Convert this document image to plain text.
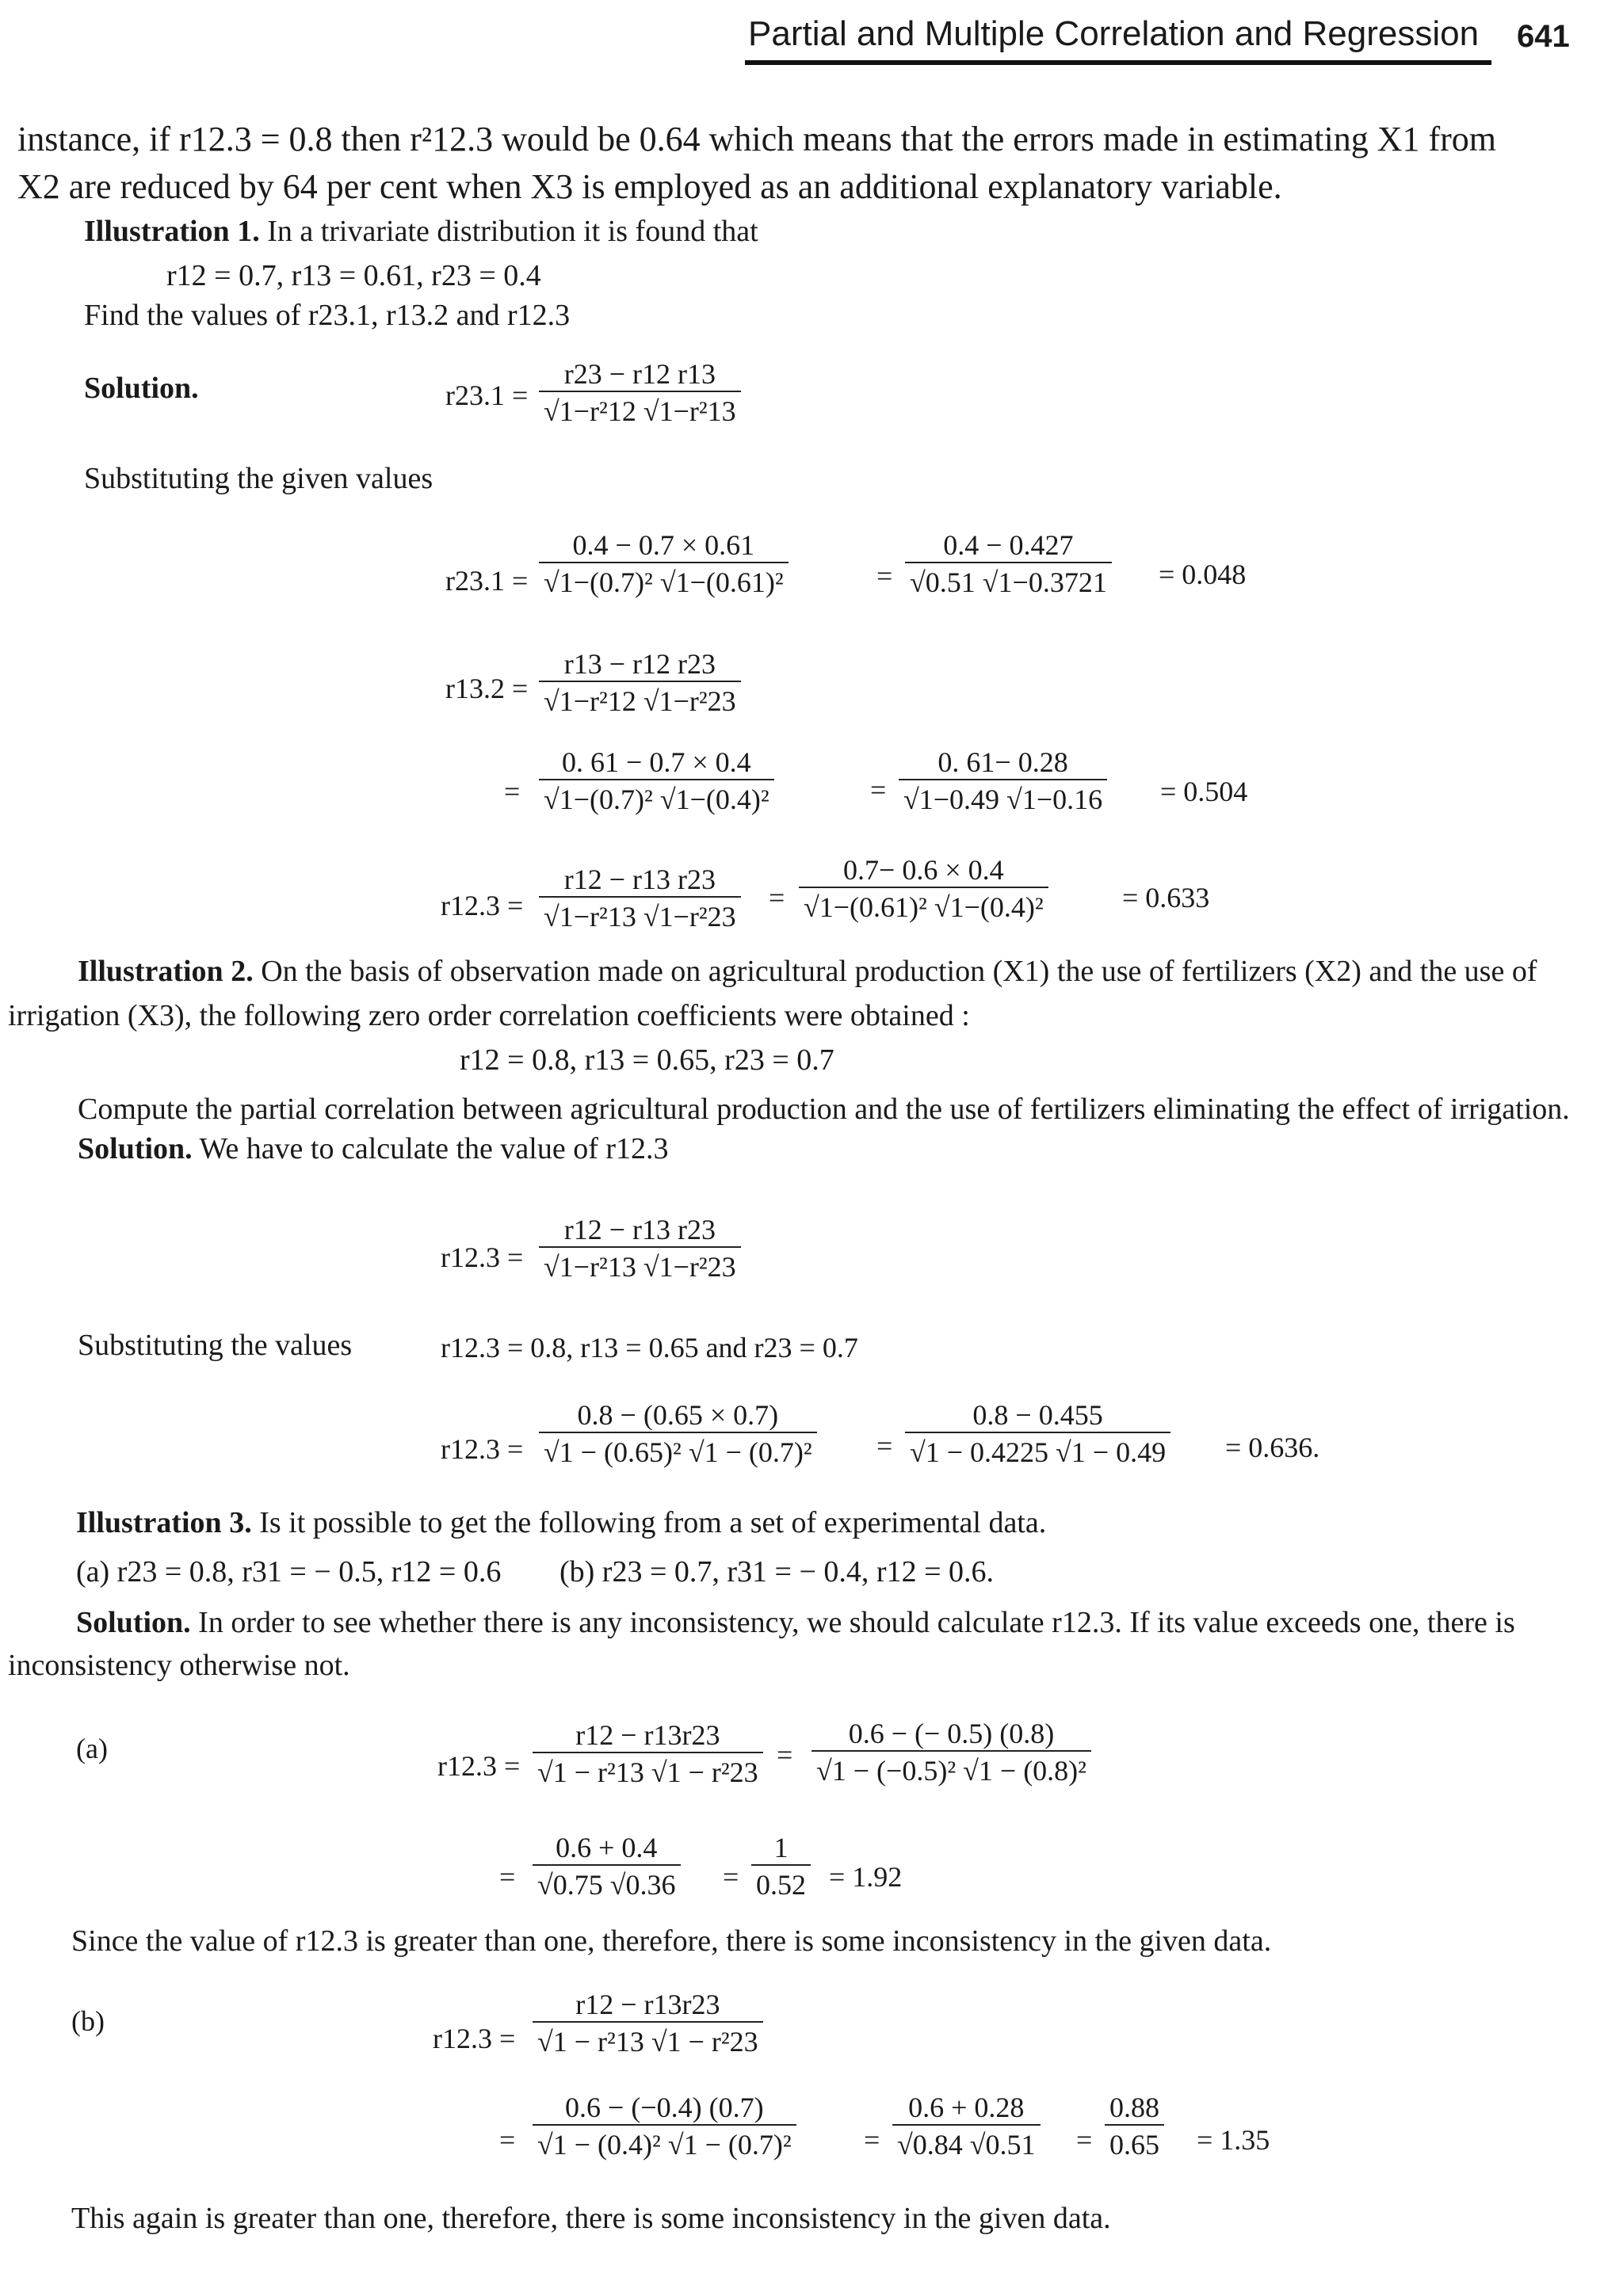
Partial and Multiple Correlation and Regression 641
instance, if r12.3 = 0.8 then r²12.3 would be 0.64 which means that the errors made in estimating X1 from
X2 are reduced by 64 per cent when X3 is employed as an additional explanatory variable.
Illustration 1. In a trivariate distribution it is found that
r12 = 0.7, r13 = 0.61, r23 = 0.4
Find the values of r23.1, r13.2 and r12.3
Solution.	$r23.1 = \frac{r23 - r12 r13}{\text{√1−r²12 √1−r²13}}$
Substituting the given values
$r23.1 = \frac{0.4 - 0.7 \times 0.61}{\text{√1−(0.7)² √1−(0.61)²}}$	= $\frac{0.4 - 0.427}{√0.51 √1-0.3721} = 0.048$
$r13.2 = \frac{r13 - r12 r23}{\text{√1−r²12 √1−r²23}}$
= $\frac{0. 61 - 0.7 \times 0.4}{\text{√1−(0.7)² √1−(0.4)²}}$	= $\frac{0. 61- 0.28}{√1-0.49 √1-0.16} = 0.504$
$r12.3 = \frac{r12 - r13 r23}{\text{√1−r²13 √1−r²23}} = \frac{0.7- 0.6 \times 0.4}{\text{√1−(0.61)² √1−(0.4)²}}$	= 0.633
Illustration 2. On the basis of observation made on agricultural production (X1) the use of fertilizers (X2) and the use of
irrigation (X3), the following zero order correlation coefficients were obtained :
r12 = 0.8, r13 = 0.65, r23 = 0.7
Compute the partial correlation between agricultural production and the use of fertilizers eliminating the effect of irrigation.
Solution. We have to calculate the value of r12.3
$r12.3 = \frac{r12 - r13 r23}{\text{√1−r²13 √1−r²23}}$
Substituting the values	r12.3 = 0.8, r13 = 0.65 and r23 = 0.7
$r12.3 = \frac{0.8 - (0.65 \times 0.7)}{\text{√1 − (0.65)² √1 − (0.7)²}} = \frac{0.8 - 0.455}{√1 - 0.4225 √1 - 0.49} = 0.636$.
Illustration 3. Is it possible to get the following from a set of experimental data.
(a) r23 = 0.8, r31 = − 0.5, r12 = 0.6 (b) r23 = 0.7, r31 = − 0.4, r12 = 0.6.
Solution. In order to see whether there is any inconsistency, we should calculate r12.3. If its value exceeds one, there is
inconsistency otherwise not.
(a)
$r12.3 = \frac{r12 - r13r23}{\text{√1 − r²13 √1 − r²23}} = \frac{0.6 - (- 0.5) (0.8)}{\text{√1 − (−0.5)² √1 − (0.8)²}}$
= $\frac{0.6 + 0.4}{√0.75 √0.36} = \frac{1}{0.52} = 1.92$
Since the value of r12.3 is greater than one, therefore, there is some inconsistency in the given data.
(b)
$r12.3 = \frac{r12 - r13r23}{\text{√1 − r²13 √1 − r²23}}$
= $\frac{0.6 - (-0.4) (0.7)}{\text{√1 − (0.4)² √1 − (0.7)²}} = \frac{0.6 + 0.28}{√0.84 √0.51} = \frac{0.88}{0.65} = 1.35$
This again is greater than one, therefore, there is some inconsistency in the given data.
